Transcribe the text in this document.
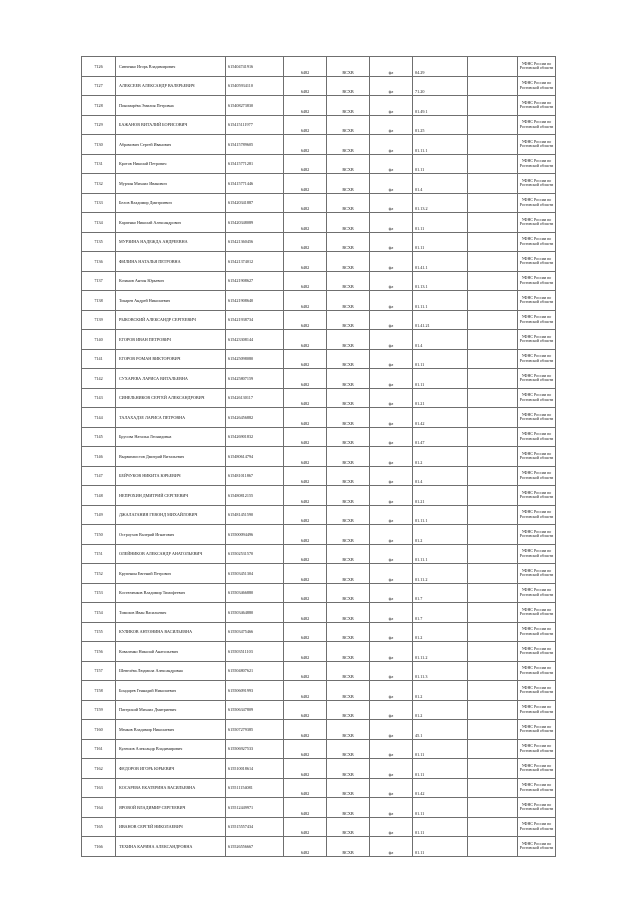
7126	Сивченко Игорь Владимирович	615404741916	6482	ВСХВ	фл	04.29		УФНС России по Ростовской области
7127	АЛЕКСЕЕВ АЛЕКСАНДР ВАЛЕРЬЕВИЧ	615405934110	6482	ВСХВ	фл	71.20		УФНС России по Ростовской области
7128	Пономарёва Эмилия Петровна	615408273830	6482	ВСХВ	фл	01.49.1		УФНС России по Ростовской области
7129	БАЖАНОВ ВИТАЛИЙ БОРИСОВИЧ	615415111977	6482	ВСХВ	фл	01.25		УФНС России по Ростовской области
7130	Абрамович Сергей Иванович	615415789605	6482	ВСХВ	фл	01.11.1		УФНС России по Ростовской области
7131	Кротов Николай Петрович	615415771281	6482	ВСХВ	фл	01.11		УФНС России по Ростовской области
7132	Мурзин Михаил Иванович	615415771446	6482	ВСХВ	фл	01.4		УФНС России по Ростовской области
7133	Белов Владимир Дмитриевич	615420341887	6482	ВСХВ	фл	01.13.2		УФНС России по Ростовской области
7134	Карпенко Николай Александрович	615420348089	6482	ВСХВ	фл	01.11		УФНС России по Ростовской области
7135	МУРЗИНА НАДЕЖДА АНДРЕЕВНА	615421360456	6482	ВСХВ	фл	01.11		УФНС России по Ростовской области
7136	ФИЛИНА НАТАЛЬЯ ПЕТРОВНА	615421374012	6482	ВСХВ	фл	01.41.1		УФНС России по Ростовской области
7137	Кочанов Антон Юрьевич	615421908627	6482	ВСХВ	фл	01.13.1		УФНС России по Ростовской области
7138	Токарев Андрей Николаевич	615421908640	6482	ВСХВ	фл	01.11.1		УФНС России по Ростовской области
7139	РЫКОВСКИЙ АЛЕКСАНДР СЕРГЕЕВИЧ	615421938734	6482	ВСХВ	фл	01.41.21		УФНС России по Ростовской области
7140	ЕГОРОВ ИВАН ПЕТРОВИЧ	615423308144	6482	ВСХВ	фл	01.4		УФНС России по Ростовской области
7141	ЕГОРОВ РОМАН ВИКТОРОВИЧ	615425098080	6482	ВСХВ	фл	01.11		УФНС России по Ростовской области
7142	СУХАРЕВА ЛАРИСА ВИТАЛЬЕВНА	615425807159	6482	ВСХВ	фл	01.11		УФНС России по Ростовской области
7143	СИНЕЛЬНИКОВ СЕРГЕЙ АЛЕКСАНДРОВИЧ	615426130117	6482	ВСХВ	фл	01.21		УФНС России по Ростовской области
7144	ТАЛАХАДЗЕ ЛАРИСА ПЕТРОВНА	615426456882	6482	ВСХВ	фл	01.42		УФНС России по Ростовской области
7145	Брусова Наталья Леонидовна	615426901832	6482	ВСХВ	фл	01.47		УФНС России по Ростовской области
7146	Вырвихвостов Дмитрий Витальевич	615480614794	6482	ВСХВ	фл	01.2		УФНС России по Ростовской области
7147	БЕЙЧУКОВ НИКИТА ЮРЬЕВИЧ	615481011867	6482	ВСХВ	фл	01.4		УФНС России по Ростовской области
7148	НЕПРОХИН ДМИТРИЙ СЕРГЕЕВИЧ	615480812155	6482	ВСХВ	фл	01.21		УФНС России по Ростовской области
7149	ДЖАЛАГАНИЯ ГЕВОНД МИХАЙЛОВИЧ	615481451590	6482	ВСХВ	фл	01.11.1		УФНС России по Ростовской области
7150	Остроухов Валерий Игнатович	615500094496	6482	ВСХВ	фл	01.2		УФНС России по Ростовской области
7151	ОЛЕЙНИКОВ АЛЕКСАНДР АНАТОЛЬЕВИЧ	615502531570	6482	ВСХВ	фл	01.11.1		УФНС России по Ростовской области
7152	Крупенин Евгений Петрович	615503451304	6482	ВСХВ	фл	01.11.2		УФНС России по Ростовской области
7153	Костюченков Владимир Тимофеевич	615503466880	6482	ВСХВ	фл	01.7		УФНС России по Ростовской области
7154	Тимохов Иван Васильевич	615503464880	6482	ВСХВ	фл	01.7		УФНС России по Ростовской области
7155	КУЛИКОВ АНТОНИНА ВАСИЛЬЕВНА	615503475466	6482	ВСХВ	фл	01.2		УФНС России по Ростовской области
7156	Коваленко Николай Анатольевич	615503511103	6482	ВСХВ	фл	01.11.2		УФНС России по Ростовской области
7157	Шевелёва Людмила Александровна	615504807621	6482	ВСХВ	фл	01.11.3		УФНС России по Ростовской области
7158	Бондарев Геннадий Николаевич	615506091993	6482	ВСХВ	фл	01.2		УФНС России по Ростовской области
7159	Патерский Михаил Дмитриевич	615506347809	6482	ВСХВ	фл	01.2		УФНС России по Ростовской области
7160	Менков Владимир Николаевич	615507279385	6482	ВСХВ	фл	45.1		УФНС России по Ростовской области
7161	Кулешов Александр Владимирович	615506927533	6482	ВСХВ	фл	01.11		УФНС России по Ростовской области
7162	ФЕДОРОВ ИГОРЬ ЮРЬЕВИЧ	615510018614	6482	ВСХВ	фл	01.11		УФНС России по Ростовской области
7163	КОСАРЕВА ЕКАТЕРИНА ВАСИЛЬЕВНА	615511154081	6482	ВСХВ	фл	01.42		УФНС России по Ростовской области
7164	ЯРОВОЙ ВЛАДИМИР СЕРГЕЕВИЧ	615512449971	6482	ВСХВ	фл	01.11		УФНС России по Ростовской области
7165	ИВАНОВ СЕРГЕЙ НИКОЛАЕВИЧ	615515557434	6482	ВСХВ	фл	01.11		УФНС России по Ростовской области
7166	ТЕХИНА КАРИНА АЛЕКСАНДРОВНА	615526556667	6482	ВСХВ	фл	01.11		УФНС России по Ростовской области
